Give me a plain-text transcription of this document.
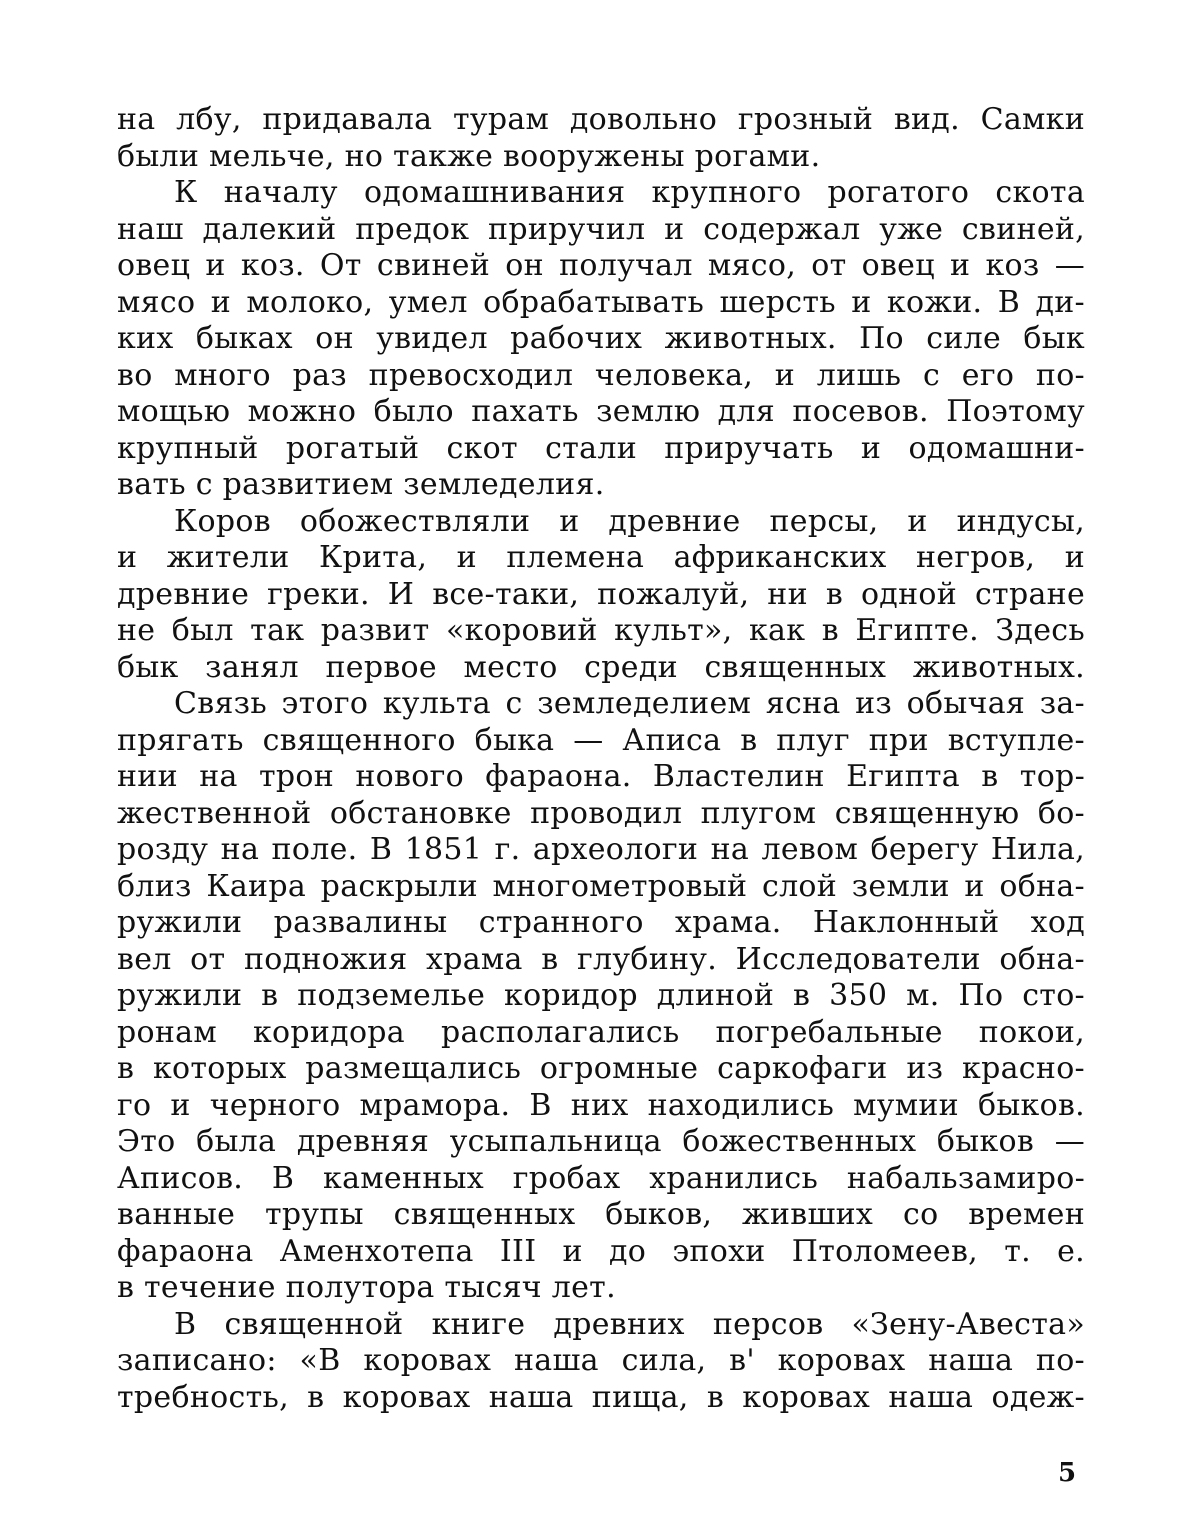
на лбу, придавала турам довольно грозный вид. Самки
были мельче, но также вооружены рогами.
К началу одомашнивания крупного рогатого скота
наш далекий предок приручил и содержал уже свиней,
овец и коз. От свиней он получал мясо, от овец и коз —
мясо и молоко, умел обрабатывать шерсть и кожи. В ди-
ких быках он увидел рабочих животных. По силе бык
во много раз превосходил человека, и лишь с его по-
мощью можно было пахать землю для посевов. Поэтому
крупный рогатый скот стали приручать и одомашни-
вать с развитием земледелия.
Коров обожествляли и древние персы, и индусы,
и жители Крита, и племена африканских негров, и
древние греки. И все-таки, пожалуй, ни в одной стране
не был так развит «коровий культ», как в Египте. Здесь
бык занял первое место среди священных животных.
Связь этого культа с земледелием ясна из обычая за-
прягать священного быка — Аписа в плуг при вступле-
нии на трон нового фараона. Властелин Египта в тор-
жественной обстановке проводил плугом священную бо-
розду на поле. В 1851 г. археологи на левом берегу Нила,
близ Каира раскрыли многометровый слой земли и обна-
ружили развалины странного храма. Наклонный ход
вел от подножия храма в глубину. Исследователи обна-
ружили в подземелье коридор длиной в 350 м. По сто-
ронам коридора располагались погребальные покои,
в которых размещались огромные саркофаги из красно-
го и черного мрамора. В них находились мумии быков.
Это была древняя усыпальница божественных быков —
Аписов. В каменных гробах хранились набальзамиро-
ванные трупы священных быков, живших со времен
фараона Аменхотепа III и до эпохи Птоломеев, т. е.
в течение полутора тысяч лет.
В священной книге древних персов «Зену-Авеста»
записано: «В коровах наша сила, в' коровах наша по-
требность, в коровах наша пища, в коровах наша одеж-
5
